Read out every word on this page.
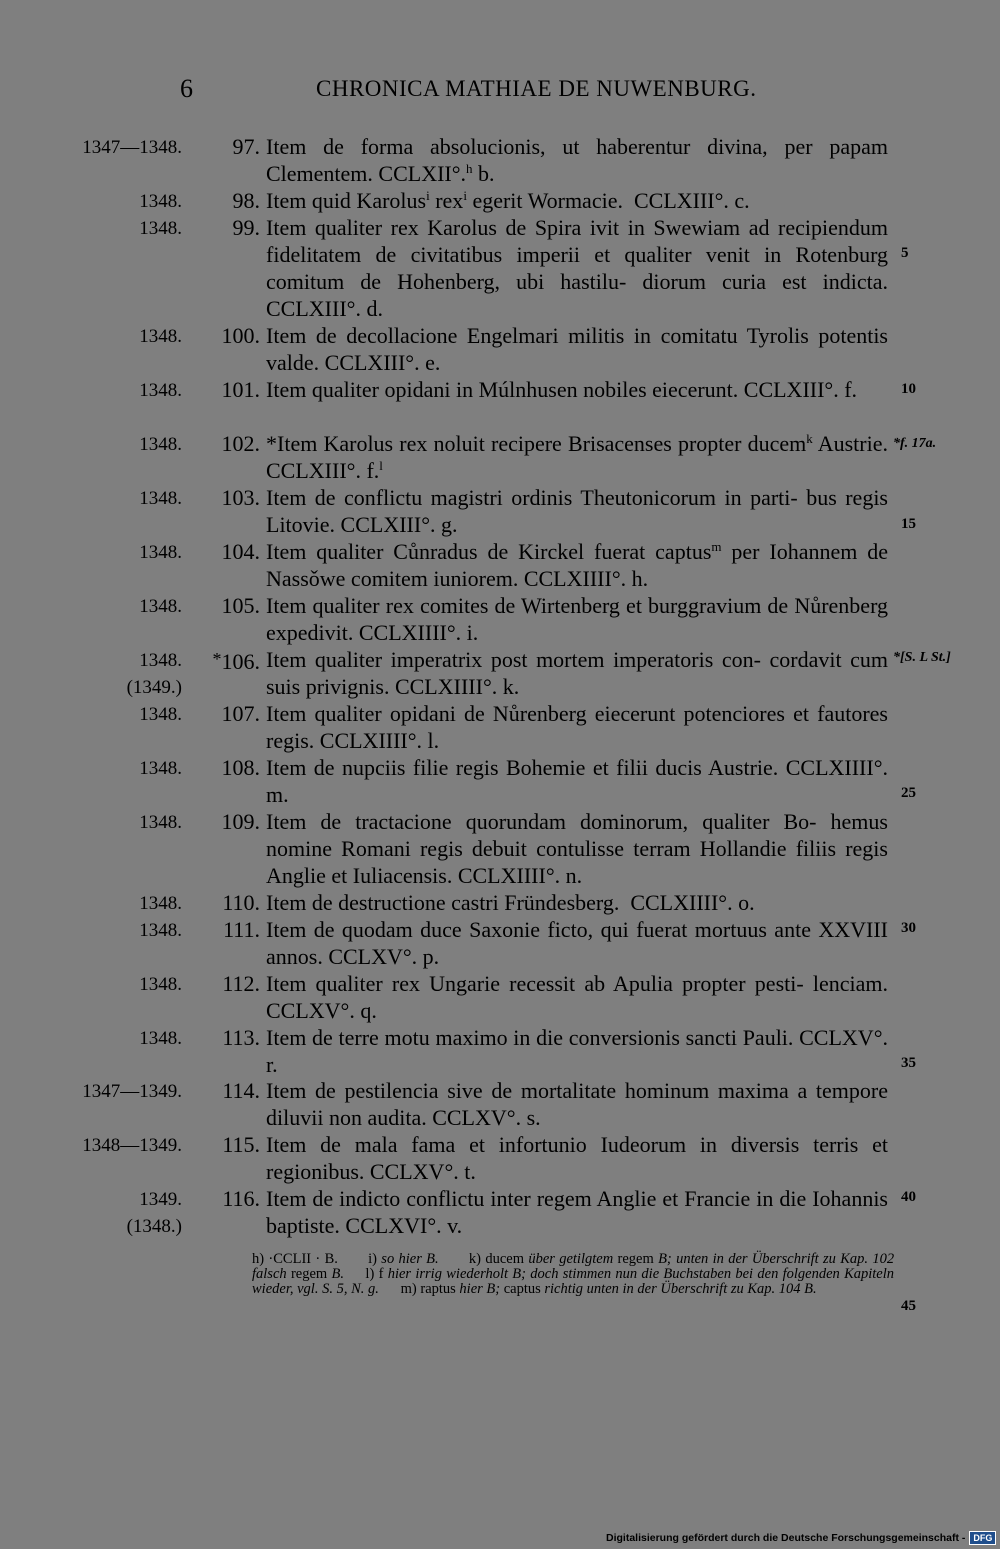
6	CHRONICA MATHIAE DE NUWENBURG.
1347—1348. 97. Item de forma absolucionis, ut haberentur divina, per papam Clementem. CCLXII°.$^h$ b.
1348. 98. Item quid Karolus$^i$ rex$^i$ egerit Wormacie.  CCLXIII°. c.
1348. 99. Item qualiter rex Karolus de Spira ivit in Swewiam ad recipiendum fidelitatem de civitatibus imperii et qualiter venit in Rotenburg comitum de Hohenberg, ubi hastilu- diorum curia est indicta. CCLXIII°. d.
1348. 100. Item de decollacione Engelmari militis in comitatu Tyrolis potentis valde. CCLXIII°. e.
1348. 101. Item qualiter opidani in Múlnhusen nobiles eiecerunt. CCLXIII°. f.
1348. 102. *Item Karolus rex noluit recipere Brisacenses propter ducem$^k$ Austrie. CCLXIII°. f.$^l$
1348. 103. Item de conflictu magistri ordinis Theutonicorum in parti- bus regis Litovie. CCLXIII°. g.
1348. 104. Item qualiter Cůnradus de Kirckel fuerat captus$^m$ per Iohannem de Nassǒwe comitem iuniorem. CCLXIIII°. h.
1348. 105. Item qualiter rex comites de Wirtenberg et burggravium de Nůrenberg expedivit. CCLXIIII°. i.
1348.
(1349.)
*106. Item qualiter imperatrix post mortem imperatoris con- cordavit cum suis privignis. CCLXIIII°. k.
1348. 107. Item qualiter opidani de Nůrenberg eiecerunt potenciores et fautores regis. CCLXIIII°. l.
1348. 108. Item de nupciis filie regis Bohemie et filii ducis Austrie. CCLXIIII°. m.
1348. 109. Item de tractacione quorundam dominorum, qualiter Bo- hemus nomine Romani regis debuit contulisse terram Hollandie filiis regis Anglie et Iuliacensis. CCLXIIII°. n.
1348. 110. Item de destructione castri Fründesberg.  CCLXIIII°. o.
1348. 111. Item de quodam duce Saxonie ficto, qui fuerat mortuus ante XXVIII annos. CCLXV°. p.
1348. 112. Item qualiter rex Ungarie recessit ab Apulia propter pesti- lenciam. CCLXV°. q.
1348. 113. Item de terre motu maximo in die conversionis sancti Pauli. CCLXV°. r.
1347—1349. 114. Item de pestilencia sive de mortalitate hominum maxima a tempore diluvii non audita. CCLXV°. s.
1348—1349. 115. Item de mala fama et infortunio Iudeorum in diversis terris et regionibus. CCLXV°. t.
1349.
(1348.)
116. Item de indicto conflictu inter regem Anglie et Francie in die Iohannis baptiste. CCLXVI°. v.
5
10
15
25
30
35
40
45
*f. 17a.
*[S. L St.]
h) ·CCLII · B. i) so hier B. k) ducem über getilgtem regem B; unten in der Überschrift zu Kap. 102 falsch regem B. l) f hier irrig wiederholt B; doch stimmen nun die Buchstaben bei den folgenden Kapiteln wieder, vgl. S. 5, N. g. m) raptus hier B; captus richtig unten in der Überschrift zu Kap. 104 B.
Digitalisierung gefördert durch die Deutsche Forschungsgemeinschaft - DFG
